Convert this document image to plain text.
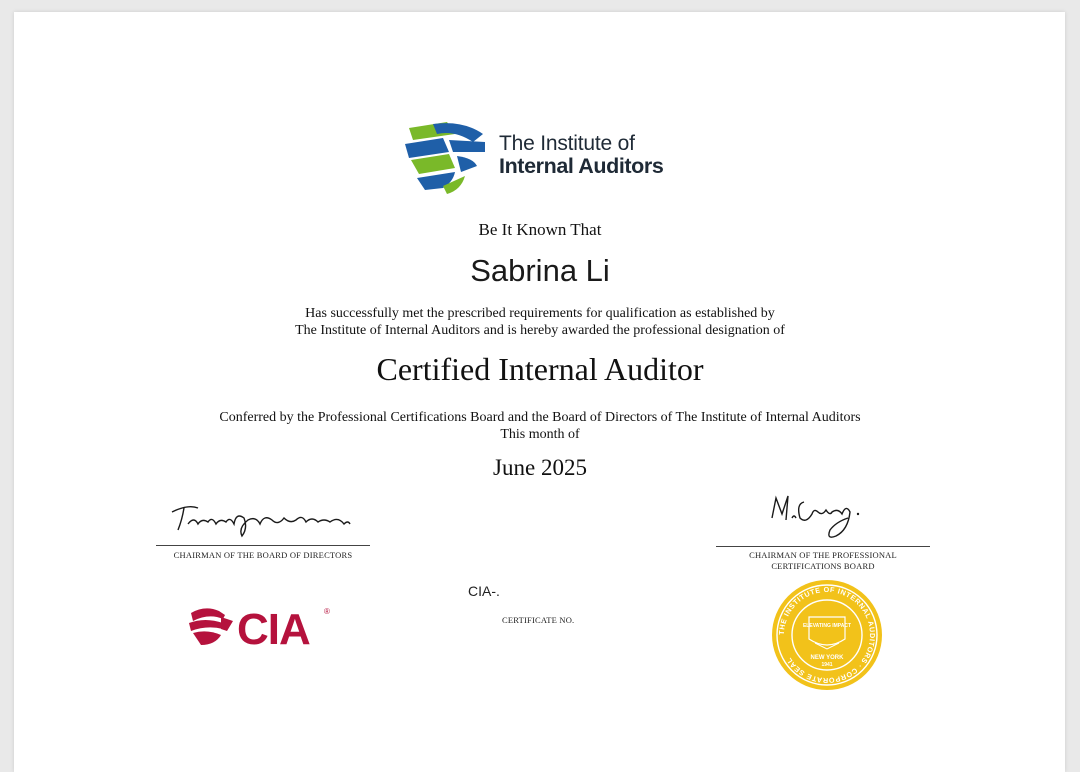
The Institute of
Internal Auditors
Be It Known That
Sabrina Li
Has successfully met the prescribed requirements for qualification as established by
The Institute of Internal Auditors and is hereby awarded the professional designation of
Certified Internal Auditor
Conferred by the Professional Certifications Board and the Board of Directors of The Institute of Internal Auditors
This month of
June 2025
CHAIRMAN OF THE BOARD OF DIRECTORS	CHAIRMAN OF THE PROFESSIONAL
CERTIFICATIONS BOARD
CIA-.
CERTIFICATE NO.
CIA ®
THE INSTITUTE OF INTERNAL AUDITORS · CORPORATE SEAL
ELEVATING IMPACT
NEW YORK
1941
